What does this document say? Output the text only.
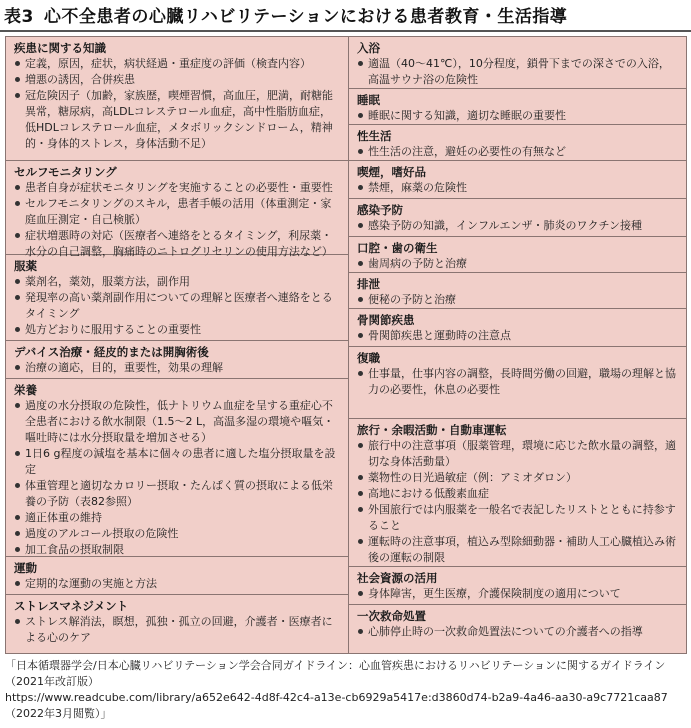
表3 心不全患者の心臓リハビリテーションにおける患者教育・生活指導
疾患に関する知識
定義，原因，症状，病状経過・重症度の評価（検査内容）
増悪の誘因，合併疾患
冠危険因子（加齢，家族歴，喫煙習慣，高血圧，肥満，耐糖能異常，糖尿病，高LDLコレステロール血症，高中性脂肪血症，低HDLコレステロール血症，メタボリックシンドローム，精神的・身体的ストレス，身体活動不足）
セルフモニタリング
患者自身が症状モニタリングを実施することの必要性・重要性
セルフモニタリングのスキル，患者手帳の活用（体重測定・家庭血圧測定・自己検脈）
症状増悪時の対応（医療者へ連絡をとるタイミング，利尿薬・水分の自己調整，胸痛時のニトログリセリンの使用方法など）
服薬
薬剤名，薬効，服薬方法，副作用
発現率の高い薬剤副作用についての理解と医療者へ連絡をとるタイミング
処方どおりに服用することの重要性
デバイス治療・経皮的または開胸術後
治療の適応，目的，重要性，効果の理解
栄養
過度の水分摂取の危険性，低ナトリウム血症を呈する重症心不全患者における飲水制限（1.5～2 L，高温多湿の環境や嘔気・嘔吐時には水分摂取量を増加させる）
1日6 g程度の減塩を基本に個々の患者に適した塩分摂取量を設定
体重管理と適切なカロリー摂取・たんぱく質の摂取による低栄養の予防（表82参照）
適正体重の維持
過度のアルコール摂取の危険性
加工食品の摂取制限
運動
定期的な運動の実施と方法
ストレスマネジメント
ストレス解消法，瞑想，孤独・孤立の回避，介護者・医療者による心のケア
入浴
適温（40～41℃），10分程度，鎖骨下までの深さでの入浴，高温サウナ浴の危険性
睡眠
睡眠に関する知識，適切な睡眠の重要性
性生活
性生活の注意，避妊の必要性の有無など
喫煙，嗜好品
禁煙，麻薬の危険性
感染予防
感染予防の知識，インフルエンザ・肺炎のワクチン接種
口腔・歯の衛生
歯周病の予防と治療
排泄
便秘の予防と治療
骨関節疾患
骨関節疾患と運動時の注意点
復職
仕事量，仕事内容の調整，長時間労働の回避，職場の理解と協力の必要性，休息の必要性
旅行・余暇活動・自動車運転
旅行中の注意事項（服薬管理，環境に応じた飲水量の調整，適切な身体活動量）
薬物性の日光過敏症（例：アミオダロン）
高地における低酸素血症
外国旅行では内服薬を一般名で表記したリストとともに持参すること
運転時の注意事項，植込み型除細動器・補助人工心臓植込み術後の運転の制限
社会資源の活用
身体障害，更生医療，介護保険制度の適用について
一次救命処置
心肺停止時の一次救命処置法についての介護者への指導
「日本循環器学会/日本心臓リハビリテーション学会合同ガイドライン：心血管疾患におけるリハビリテーションに関するガイドライン（2021年改訂版）
https://www.readcube.com/library/a652e642-4d8f-42c4-a13e-cb6929a5417e:d3860d74-b2a9-4a46-aa30-a9c7721caa87（2022年3月閲覧）」
